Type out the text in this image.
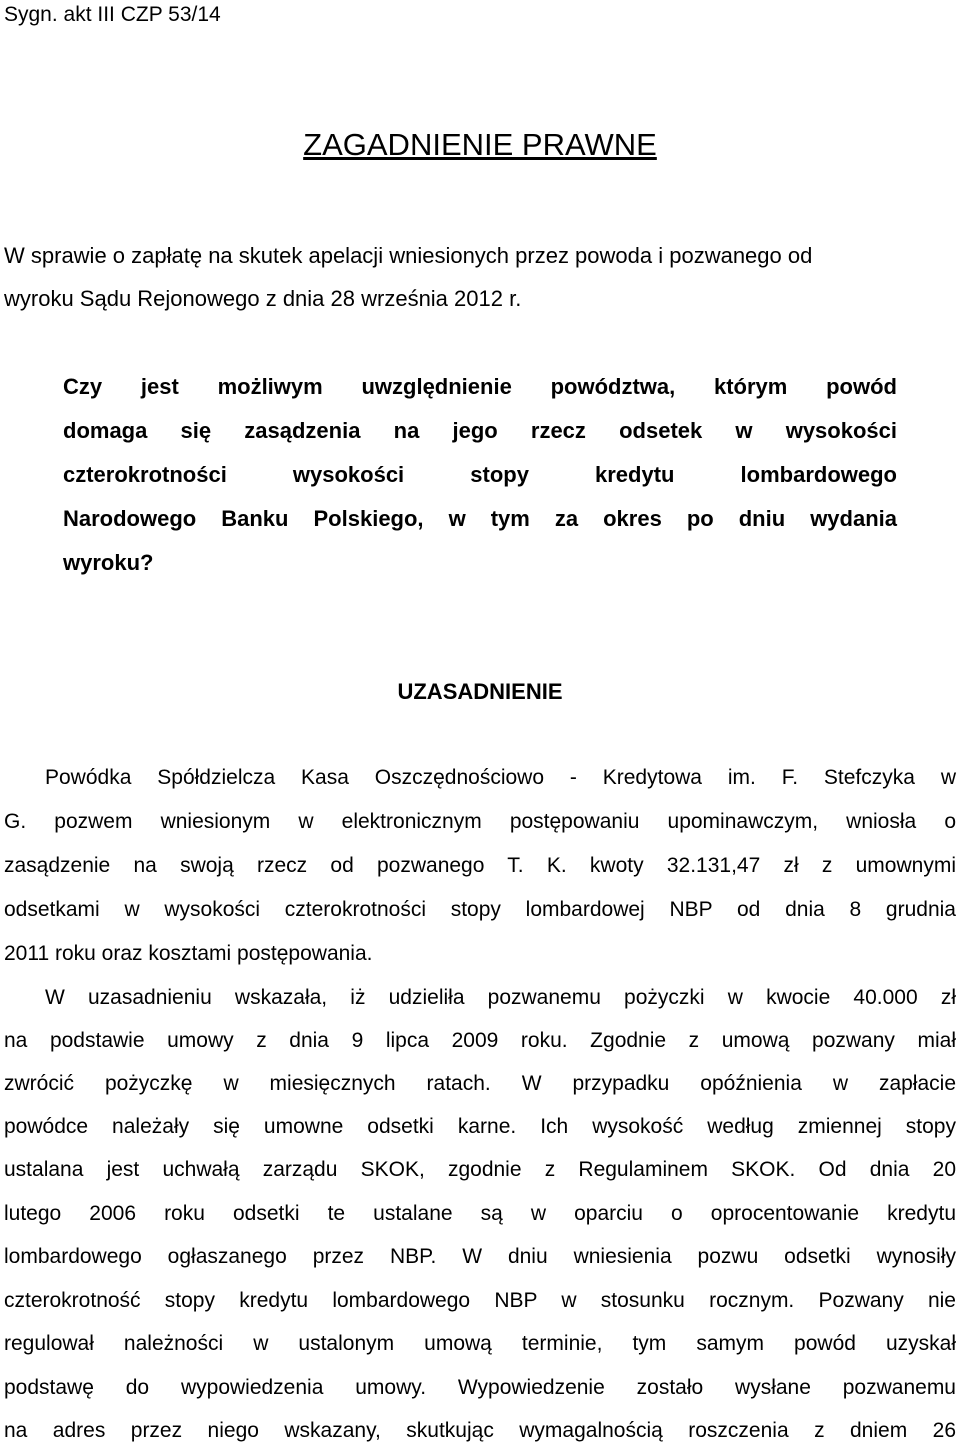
Sygn. akt III CZP 53/14
ZAGADNIENIE PRAWNE
W sprawie o zapłatę na skutek apelacji wniesionych przez powoda i pozwanego od
wyroku Sądu Rejonowego z dnia 28 września 2012 r.
Czy jest możliwym uwzględnienie powództwa, którym powód
domaga się zasądzenia na jego rzecz odsetek w wysokości
czterokrotności wysokości stopy kredytu lombardowego
Narodowego Banku Polskiego, w tym za okres po dniu wydania
wyroku?
UZASADNIENIE
Powódka Spółdzielcza Kasa Oszczędnościowo - Kredytowa im. F. Stefczyka w
G. pozwem wniesionym w elektronicznym postępowaniu upominawczym, wniosła o
zasądzenie na swoją rzecz od pozwanego T. K. kwoty 32.131,47 zł z umownymi
odsetkami w wysokości czterokrotności stopy lombardowej NBP od dnia 8 grudnia
2011 roku oraz kosztami postępowania.
W uzasadnieniu wskazała, iż udzieliła pozwanemu pożyczki w kwocie 40.000 zł
na podstawie umowy z dnia 9 lipca 2009 roku. Zgodnie z umową pozwany miał
zwrócić pożyczkę w miesięcznych ratach. W przypadku opóźnienia w zapłacie
powódce należały się umowne odsetki karne. Ich wysokość według zmiennej stopy
ustalana jest uchwałą zarządu SKOK, zgodnie z Regulaminem SKOK. Od dnia 20
lutego 2006 roku odsetki te ustalane są w oparciu o oprocentowanie kredytu
lombardowego ogłaszanego przez NBP. W dniu wniesienia pozwu odsetki wynosiły
czterokrotność stopy kredytu lombardowego NBP w stosunku rocznym. Pozwany nie
regulował należności w ustalonym umową terminie, tym samym powód uzyskał
podstawę do wypowiedzenia umowy. Wypowiedzenie zostało wysłane pozwanemu
na adres przez niego wskazany, skutkując wymagalnością roszczenia z dniem 26
